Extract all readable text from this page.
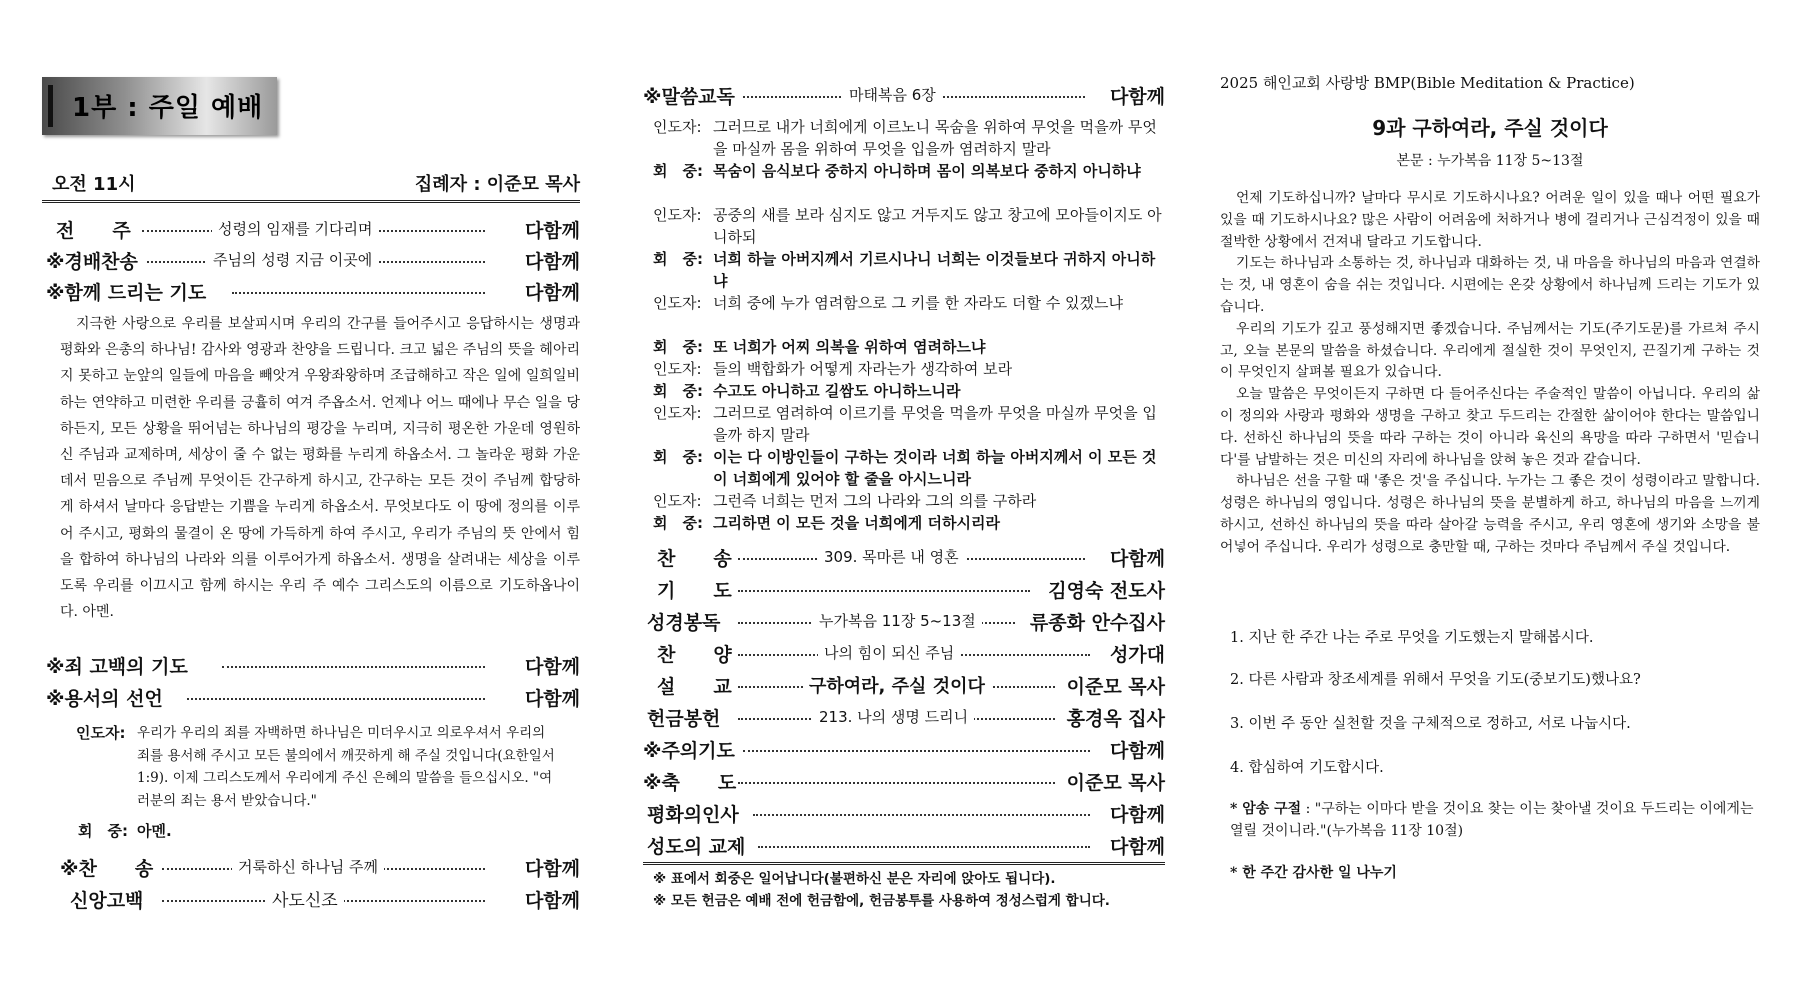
1부 : 주일 예배
오전 11시	집례자 : 이준모 목사
전　　주	성령의 임재를 기다리며	다함께
※경배찬송	주님의 성령 지금 이곳에	다함께
※함께 드리는 기도	다함께
지극한 사랑으로 우리를 보살피시며 우리의 간구를 들어주시고 응답하시는 생명과 평화와 은총의 하나님! 감사와 영광과 찬양을 드립니다. 크고 넓은 주님의 뜻을 헤아리지 못하고 눈앞의 일들에 마음을 빼앗겨 우왕좌왕하며 조급해하고 작은 일에 일희일비하는 연약하고 미련한 우리를 긍휼히 여겨 주옵소서. 언제나 어느 때에나 무슨 일을 당하든지, 모든 상황을 뛰어넘는 하나님의 평강을 누리며, 지극히 평온한 가운데 영원하신 주님과 교제하며, 세상이 줄 수 없는 평화를 누리게 하옵소서. 그 놀라운 평화 가운데서 믿음으로 주님께 무엇이든 간구하게 하시고, 간구하는 모든 것이 주님께 합당하게 하셔서 날마다 응답받는 기쁨을 누리게 하옵소서. 무엇보다도 이 땅에 정의를 이루어 주시고, 평화의 물결이 온 땅에 가득하게 하여 주시고, 우리가 주님의 뜻 안에서 힘을 합하여 하나님의 나라와 의를 이루어가게 하옵소서. 생명을 살려내는 세상을 이루도록 우리를 이끄시고 함께 하시는 우리 주 예수 그리스도의 이름으로 기도하옵나이다. 아멘.
※죄 고백의 기도	다함께
※용서의 선언	다함께
인도자: 우리가 우리의 죄를 자백하면 하나님은 미더우시고 의로우셔서 우리의 죄를 용서해 주시고 모든 불의에서 깨끗하게 해 주실 것입니다(요한일서 1:9). 이제 그리스도께서 우리에게 주신 은혜의 말씀을 들으십시오. "여러분의 죄는 용서 받았습니다."
회　중: 아멘.
※찬　　송	거룩하신 하나님 주께	다함께
신앙고백	사도신조	다함께
※말씀교독	마태복음 6장	다함께
인도자: 그러므로 내가 너희에게 이르노니 목숨을 위하여 무엇을 먹을까 무엇을 마실까 몸을 위하여 무엇을 입을까 염려하지 말라
회　중: 목숨이 음식보다 중하지 아니하며 몸이 의복보다 중하지 아니하냐
인도자: 공중의 새를 보라 심지도 않고 거두지도 않고 창고에 모아들이지도 아니하되
회　중: 너희 하늘 아버지께서 기르시나니 너희는 이것들보다 귀하지 아니하냐
인도자: 너희 중에 누가 염려함으로 그 키를 한 자라도 더할 수 있겠느냐
회　중: 또 너희가 어찌 의복을 위하여 염려하느냐
인도자: 들의 백합화가 어떻게 자라는가 생각하여 보라
회　중: 수고도 아니하고 길쌈도 아니하느니라
인도자: 그러므로 염려하여 이르기를 무엇을 먹을까 무엇을 마실까 무엇을 입을까 하지 말라
회　중: 이는 다 이방인들이 구하는 것이라 너희 하늘 아버지께서 이 모든 것이 너희에게 있어야 할 줄을 아시느니라
인도자: 그런즉 너희는 먼저 그의 나라와 그의 의를 구하라
회　중: 그리하면 이 모든 것을 너희에게 더하시리라
찬　　송	309. 목마른 내 영혼	다함께
기　　도	김영숙 전도사
성경봉독	누가복음 11장 5~13절	류종화 안수집사
찬　　양	나의 힘이 되신 주님	성가대
설　　교	구하여라, 주실 것이다	이준모 목사
헌금봉헌	213. 나의 생명 드리니	홍경옥 집사
※주의기도	다함께
※축　　도	이준모 목사
평화의인사	다함께
성도의 교제	다함께
※ 표에서 회중은 일어납니다(불편하신 분은 자리에 앉아도 됩니다).
※ 모든 헌금은 예배 전에 헌금함에, 헌금봉투를 사용하여 정성스럽게 합니다.
2025 해인교회 사랑방 BMP(Bible Meditation & Practice)
9과 구하여라, 주실 것이다
본문 : 누가복음 11장 5~13절
언제 기도하십니까? 날마다 무시로 기도하시나요? 어려운 일이 있을 때나 어떤 필요가 있을 때 기도하시나요? 많은 사람이 어려움에 처하거나 병에 걸리거나 근심걱정이 있을 때 절박한 상황에서 건져내 달라고 기도합니다.
기도는 하나님과 소통하는 것, 하나님과 대화하는 것, 내 마음을 하나님의 마음과 연결하는 것, 내 영혼이 숨을 쉬는 것입니다. 시편에는 온갖 상황에서 하나님께 드리는 기도가 있습니다.
우리의 기도가 깊고 풍성해지면 좋겠습니다. 주님께서는 기도(주기도문)를 가르쳐 주시고, 오늘 본문의 말씀을 하셨습니다. 우리에게 절실한 것이 무엇인지, 끈질기게 구하는 것이 무엇인지 살펴볼 필요가 있습니다.
오늘 말씀은 무엇이든지 구하면 다 들어주신다는 주술적인 말씀이 아닙니다. 우리의 삶이 정의와 사랑과 평화와 생명을 구하고 찾고 두드리는 간절한 삶이어야 한다는 말씀입니다. 선하신 하나님의 뜻을 따라 구하는 것이 아니라 육신의 욕망을 따라 구하면서 '믿습니다'를 남발하는 것은 미신의 자리에 하나님을 앉혀 놓은 것과 같습니다.
하나님은 선을 구할 때 '좋은 것'을 주십니다. 누가는 그 좋은 것이 성령이라고 말합니다. 성령은 하나님의 영입니다. 성령은 하나님의 뜻을 분별하게 하고, 하나님의 마음을 느끼게 하시고, 선하신 하나님의 뜻을 따라 살아갈 능력을 주시고, 우리 영혼에 생기와 소망을 불어넣어 주십니다. 우리가 성령으로 충만할 때, 구하는 것마다 주님께서 주실 것입니다.
1. 지난 한 주간 나는 주로 무엇을 기도했는지 말해봅시다.
2. 다른 사람과 창조세계를 위해서 무엇을 기도(중보기도)했나요?
3. 이번 주 동안 실천할 것을 구체적으로 정하고, 서로 나눕시다.
4. 합심하여 기도합시다.
* 암송 구절 : "구하는 이마다 받을 것이요 찾는 이는 찾아낼 것이요 두드리는 이에게는 열릴 것이니라."(누가복음 11장 10절)
* 한 주간 감사한 일 나누기
